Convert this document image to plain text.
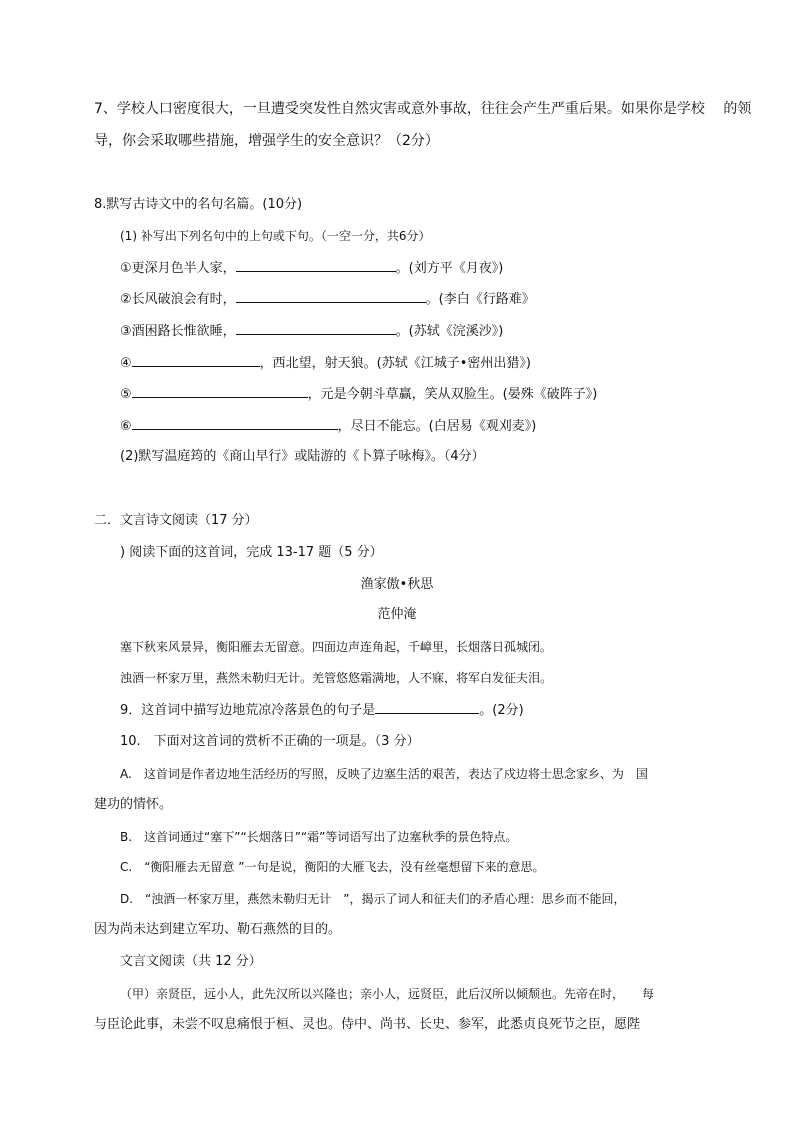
7、学校人口密度很大，一旦遭受突发性自然灾害或意外事故，往往会产生严重后果。如果你是学校　 的领
导，你会采取哪些措施，增强学生的安全意识？（2分）
8.默写古诗文中的名句名篇。(10分)
(1) 补写出下列名句中的上句或下句。（一空一分，共6分）
①更深月色半人家，	。(刘方平《月夜》)
②长风破浪会有时，	。(李白《行路难》
③酒困路长惟欲睡，	。(苏轼《浣溪沙》)
④	，西北望，射天狼。(苏轼《江城子•密州出猎》)
⑤	，元是今朝斗草赢，笑从双脸生。(晏殊《破阵子》)
⑥	，尽日不能忘。(白居易《观刈麦》)
(2)默写温庭筠的《商山早行》或陆游的《卜算子咏梅》。（4分）
二．文言诗文阅读（17 分）
) 阅读下面的这首词，完成 13-17 题（5 分）
渔家傲•秋思
范仲淹
塞下秋来风景异，衡阳雁去无留意。四面边声连角起，千嶂里，长烟落日孤城闭。
浊酒一杯家万里，燕然未勒归无计。羌管悠悠霜满地，人不寐，将军白发征夫泪。
9．这首词中描写边地荒凉冷落景色的句子是	。(2分)
10.　下面对这首词的赏析不正确的一项是。（3 分）
A.　这首词是作者边地生活经历的写照，反映了边塞生活的艰苦，表达了戍边将士思念家乡、为　国
建功的情怀。
B.　这首词通过“塞下”“长烟落日”“霜”等词语写出了边塞秋季的景色特点。
C.　“衡阳雁去无留意 ”一句是说，衡阳的大雁飞去，没有丝毫想留下来的意思。
D.　“浊酒一杯家万里，燕然未勒归无计　”，揭示了词人和征夫们的矛盾心理：思乡而不能回，
因为尚未达到建立军功、勒石燕然的目的。
文言文阅读（共 12 分）
（甲）亲贤臣，远小人，此先汉所以兴隆也；亲小人，远贤臣，此后汉所以倾颓也。先帝在时，　　每
与臣论此事，未尝不叹息痛恨于桓、灵也。侍中、尚书、长史、参军，此悉贞良死节之臣，愿陛
